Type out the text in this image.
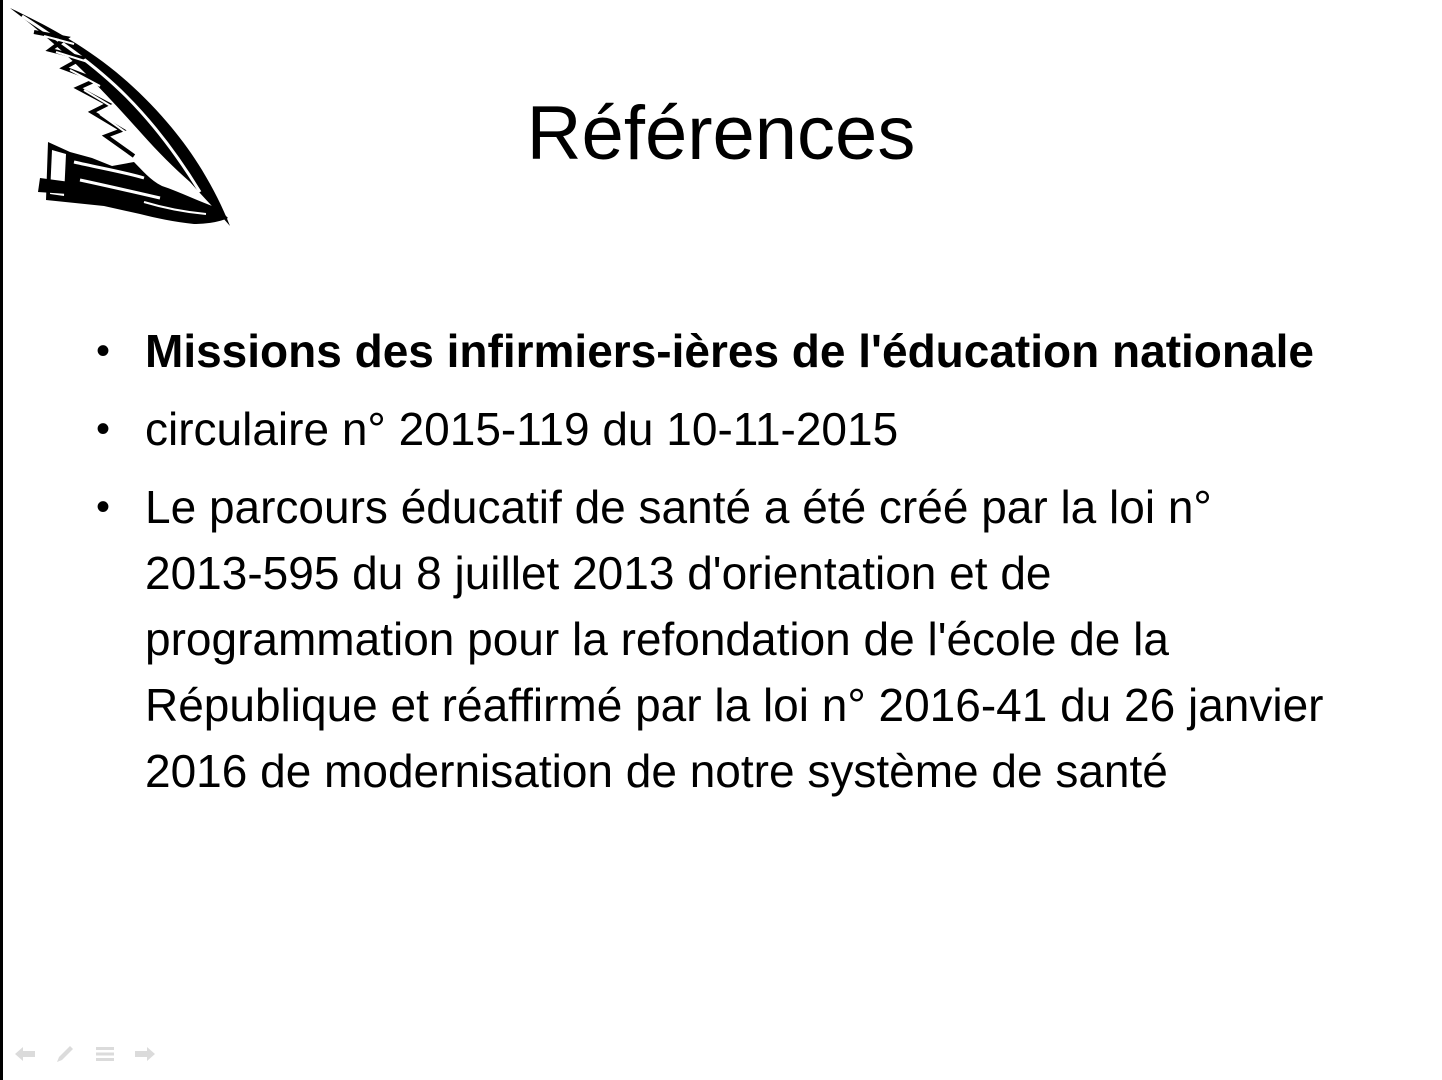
Références
• Missions des infirmiers-ières de l'éducation nationale
• circulaire n° 2015-119 du 10-11-2015
• Le parcours éducatif de santé a été créé par la loi n° 2013-595 du 8 juillet 2013 d'orientation et de programmation pour la refondation de l'école de la République et réaffirmé par la loi n° 2016-41 du 26 janvier 2016 de modernisation de notre système de santé
